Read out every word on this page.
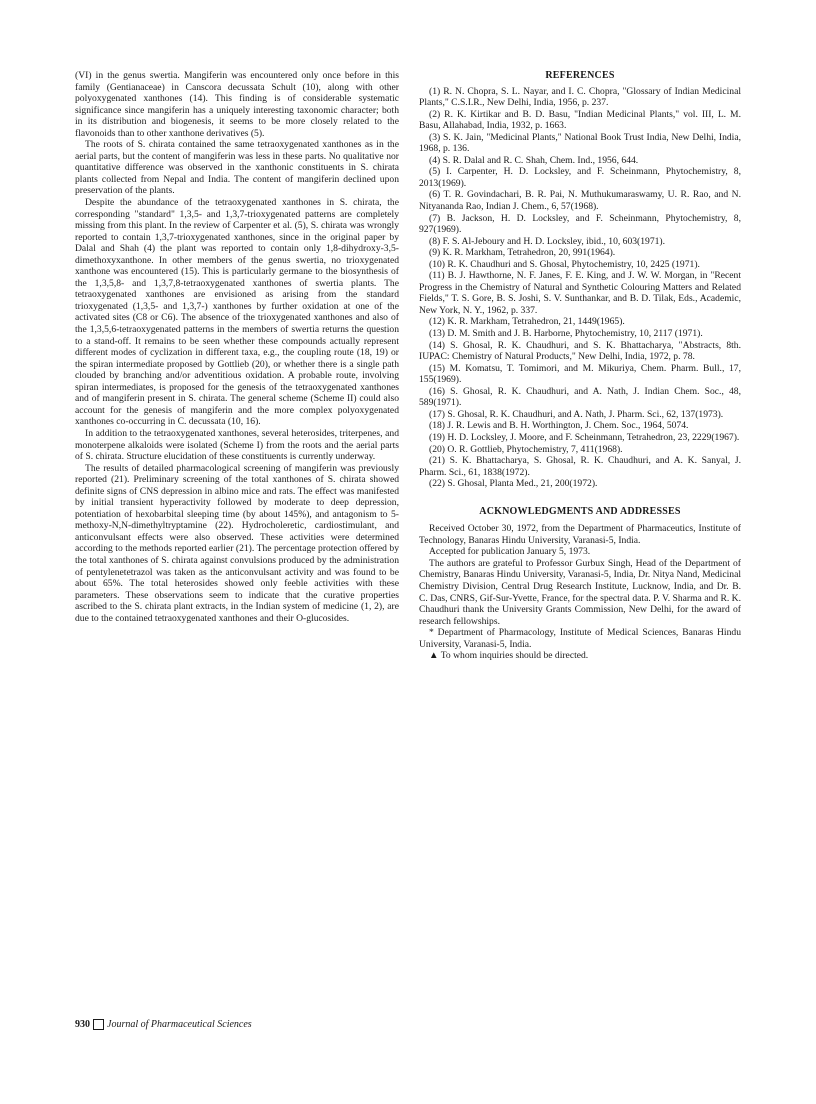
(VI) in the genus swertia. Mangiferin was encountered only once before in this family (Gentianaceae) in Canscora decussata Schult (10), along with other polyoxygenated xanthones (14). This finding is of considerable systematic significance since mangiferin has a uniquely interesting taxonomic character; both in its distribution and biogenesis, it seems to be more closely related to the flavonoids than to other xanthone derivatives (5).

The roots of S. chirata contained the same tetraoxygenated xanthones as in the aerial parts, but the content of mangiferin was less in these parts. No qualitative nor quantitative difference was observed in the xanthonic constituents in S. chirata plants collected from Nepal and India. The content of mangiferin declined upon preservation of the plants.

Despite the abundance of the tetraoxygenated xanthones in S. chirata, the corresponding "standard" 1,3,5- and 1,3,7-trioxygenated patterns are completely missing from this plant. In the review of Carpenter et al. (5), S. chirata was wrongly reported to contain 1,3,7-trioxygenated xanthones, since in the original paper by Dalal and Shah (4) the plant was reported to contain only 1,8-dihydroxy-3,5-dimethoxyxanthone. In other members of the genus swertia, no trioxygenated xanthone was encountered (15). This is particularly germane to the biosynthesis of the 1,3,5,8- and 1,3,7,8-tetraoxygenated xanthones of swertia plants. The tetraoxygenated xanthones are envisioned as arising from the standard trioxygenated (1,3,5- and 1,3,7-) xanthones by further oxidation at one of the activated sites (C8 or C6). The absence of the trioxygenated xanthones and also of the 1,3,5,6-tetraoxygenated patterns in the members of swertia returns the question to a stand-off. It remains to be seen whether these compounds actually represent different modes of cyclization in different taxa, e.g., the coupling route (18, 19) or the spiran intermediate proposed by Gottlieb (20), or whether there is a single path clouded by branching and/or adventitious oxidation. A probable route, involving spiran intermediates, is proposed for the genesis of the tetraoxygenated xanthones and of mangiferin present in S. chirata. The general scheme (Scheme II) could also account for the genesis of mangiferin and the more complex polyoxygenated xanthones co-occurring in C. decussata (10, 16).

In addition to the tetraoxygenated xanthones, several heterosides, triterpenes, and monoterpene alkaloids were isolated (Scheme I) from the roots and the aerial parts of S. chirata. Structure elucidation of these constituents is currently underway.

The results of detailed pharmacological screening of mangiferin was previously reported (21). Preliminary screening of the total xanthones of S. chirata showed definite signs of CNS depression in albino mice and rats. The effect was manifested by initial transient hyperactivity followed by moderate to deep depression, potentiation of hexobarbital sleeping time (by about 145%), and antagonism to 5-methoxy-N,N-dimethyltryptamine (22). Hydrocholeretic, cardiostimulant, and anticonvulsant effects were also observed. These activities were determined according to the methods reported earlier (21). The percentage protection offered by the total xanthones of S. chirata against convulsions produced by the administration of pentylenetetrazol was taken as the anticonvulsant activity and was found to be about 65%. The total heterosides showed only feeble activities with these parameters. These observations seem to indicate that the curative properties ascribed to the S. chirata plant extracts, in the Indian system of medicine (1, 2), are due to the contained tetraoxygenated xanthones and their O-glucosides.

REFERENCES

(1) R. N. Chopra, S. L. Nayar, and I. C. Chopra, "Glossary of Indian Medicinal Plants," C.S.I.R., New Delhi, India, 1956, p. 237.

(2) R. K. Kirtikar and B. D. Basu, "Indian Medicinal Plants," vol. III, L. M. Basu, Allahabad, India, 1932, p. 1663.

(3) S. K. Jain, "Medicinal Plants," National Book Trust India, New Delhi, India, 1968, p. 136.

(4) S. R. Dalal and R. C. Shah, Chem. Ind., 1956, 644.

(5) I. Carpenter, H. D. Locksley, and F. Scheinmann, Phytochemistry, 8, 2013(1969).

(6) T. R. Govindachari, B. R. Pai, N. Muthukumaraswamy, U. R. Rao, and N. Nityananda Rao, Indian J. Chem., 6, 57(1968).

(7) B. Jackson, H. D. Locksley, and F. Scheinmann, Phytochemistry, 8, 927(1969).

(8) F. S. Al-Jeboury and H. D. Locksley, ibid., 10, 603(1971).

(9) K. R. Markham, Tetrahedron, 20, 991(1964).

(10) R. K. Chaudhuri and S. Ghosal, Phytochemistry, 10, 2425 (1971).

(11) B. J. Hawthorne, N. F. Janes, F. E. King, and J. W. W. Morgan, in "Recent Progress in the Chemistry of Natural and Synthetic Colouring Matters and Related Fields," T. S. Gore, B. S. Joshi, S. V. Sunthankar, and B. D. Tilak, Eds., Academic, New York, N. Y., 1962, p. 337.

(12) K. R. Markham, Tetrahedron, 21, 1449(1965).

(13) D. M. Smith and J. B. Harborne, Phytochemistry, 10, 2117 (1971).

(14) S. Ghosal, R. K. Chaudhuri, and S. K. Bhattacharya, "Abstracts, 8th. IUPAC: Chemistry of Natural Products," New Delhi, India, 1972, p. 78.

(15) M. Komatsu, T. Tomimori, and M. Mikuriya, Chem. Pharm. Bull., 17, 155(1969).

(16) S. Ghosal, R. K. Chaudhuri, and A. Nath, J. Indian Chem. Soc., 48, 589(1971).

(17) S. Ghosal, R. K. Chaudhuri, and A. Nath, J. Pharm. Sci., 62, 137(1973).

(18) J. R. Lewis and B. H. Worthington, J. Chem. Soc., 1964, 5074.

(19) H. D. Locksley, J. Moore, and F. Scheinmann, Tetrahedron, 23, 2229(1967).

(20) O. R. Gottlieb, Phytochemistry, 7, 411(1968).

(21) S. K. Bhattacharya, S. Ghosal, R. K. Chaudhuri, and A. K. Sanyal, J. Pharm. Sci., 61, 1838(1972).

(22) S. Ghosal, Planta Med., 21, 200(1972).

ACKNOWLEDGMENTS AND ADDRESSES

Received October 30, 1972, from the Department of Pharmaceutics, Institute of Technology, Banaras Hindu University, Varanasi-5, India.

Accepted for publication January 5, 1973.

The authors are grateful to Professor Gurbux Singh, Head of the Department of Chemistry, Banaras Hindu University, Varanasi-5, India, Dr. Nitya Nand, Medicinal Chemistry Division, Central Drug Research Institute, Lucknow, India, and Dr. B. C. Das, CNRS, Gif-Sur-Yvette, France, for the spectral data. P. V. Sharma and R. K. Chaudhuri thank the University Grants Commission, New Delhi, for the award of research fellowships.

* Department of Pharmacology, Institute of Medical Sciences, Banaras Hindu University, Varanasi-5, India.

▲ To whom inquiries should be directed.

930 Journal of Pharmaceutical Sciences
